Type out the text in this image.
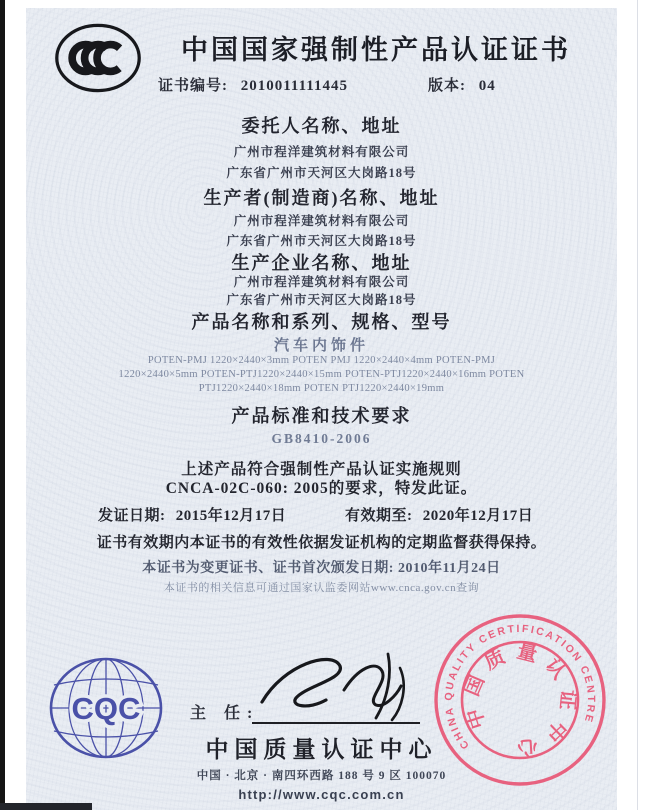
中国国家强制性产品认证证书
证书编号: 2010011111445	版本: 04
委托人名称、地址
广州市程洋建筑材料有限公司
广东省广州市天河区大岗路18号
生产者(制造商)名称、地址
广州市程洋建筑材料有限公司
广东省广州市天河区大岗路18号
生产企业名称、地址
广州市程洋建筑材料有限公司
广东省广州市天河区大岗路18号
产品名称和系列、规格、型号
汽车内饰件
POTEN-PMJ 1220×2440×3mm POTEN PMJ 1220×2440×4mm POTEN-PMJ
1220×2440×5mm POTEN-PTJ1220×2440×15mm POTEN-PTJ1220×2440×16mm POTEN
PTJ1220×2440×18mm POTEN PTJ1220×2440×19mm
产品标准和技术要求
GB8410-2006
上述产品符合强制性产品认证实施规则
CNCA-02C-060: 2005的要求，特发此证。
发证日期: 2015年12月17日	有效期至: 2020年12月17日
证书有效期内本证书的有效性依据发证机构的定期监督获得保持。
本证书为变更证书、证书首次颁发日期: 2010年11月24日
本证书的相关信息可通过国家认监委网站www.cnca.gov.cn查询
CQC	主 任:
CHINA QUALITY CERTIFICATION CENTRE
中国质量认证中心
中国质量认证中心
中国 · 北京 · 南四环西路 188 号 9 区 100070
http://www.cqc.com.cn
